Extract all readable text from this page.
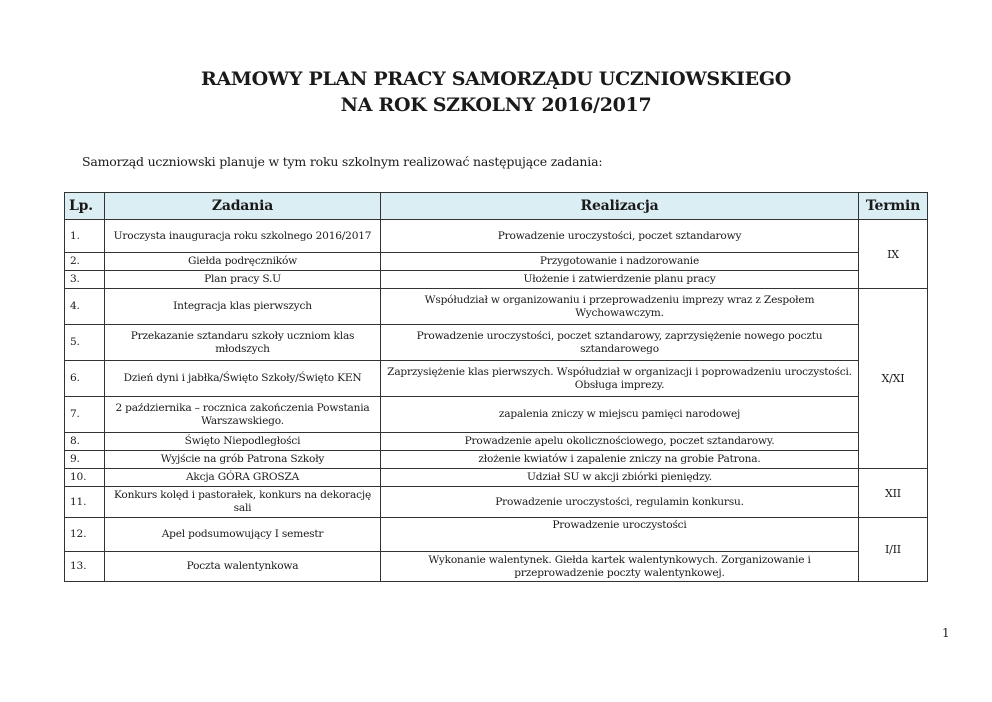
RAMOWY PLAN PRACY SAMORZĄDU UCZNIOWSKIEGO
NA ROK SZKOLNY 2016/2017
Samorząd uczniowski planuje w tym roku szkolnym realizować następujące zadania:
Lp.	Zadania	Realizacja	Termin
1.	Uroczysta inauguracja roku szkolnego 2016/2017	Prowadzenie uroczystości, poczet sztandarowy	IX
2.	Giełda podręczników	Przygotowanie i nadzorowanie	
3.	Plan pracy S.U	Ułożenie i zatwierdzenie planu pracy	
4.	Integracja klas pierwszych	Współudział w organizowaniu i przeprowadzeniu imprezy wraz z Zespołem Wychowawczym.	X/XI
5.	Przekazanie sztandaru szkoły uczniom klas młodszych	Prowadzenie uroczystości, poczet sztandarowy, zaprzysiężenie nowego pocztu sztandarowego	
6.	Dzień dyni i jabłka/Święto Szkoły/Święto KEN	Zaprzysiężenie klas pierwszych. Współudział w organizacji i poprowadzeniu uroczystości. Obsługa imprezy.	
7.	2 października – rocznica zakończenia Powstania Warszawskiego.	zapalenia zniczy w miejscu pamięci narodowej	
8.	Święto Niepodległości	Prowadzenie apelu okolicznościowego, poczet sztandarowy.	
9.	Wyjście na grób Patrona Szkoły	złożenie kwiatów i zapalenie zniczy na grobie Patrona.	
10.	Akcja GÓRA GROSZA	Udział SU w akcji zbiórki pieniędzy.	XII
11.	Konkurs kolęd i pastorałek, konkurs na dekorację sali	Prowadzenie uroczystości, regulamin konkursu.	
12.	Apel podsumowujący I semestr	Prowadzenie uroczystości	I/II
13.	Poczta walentynkowa	Wykonanie walentynek. Giełda kartek walentynkowych. Zorganizowanie i przeprowadzenie poczty walentynkowej.	
1
